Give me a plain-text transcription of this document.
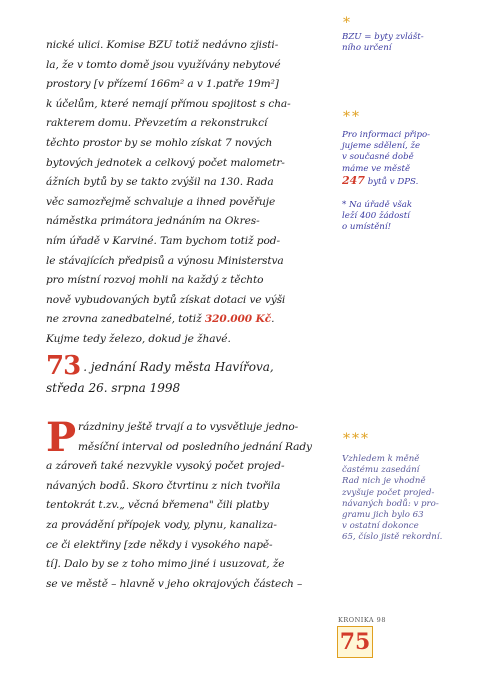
nické ulici. Komise BZU totiž nedávno zjisti-
la, že v tomto domě jsou využívány nebytové
prostory [v přízemí 166m² a v 1.patře 19m²]
k účelům, které nemají přímou spojitost s cha-
rakterem domu. Převzetím a rekonstrukcí
těchto prostor by se mohlo získat 7 nových
bytových jednotek a celkový počet malometr-
ážních bytů by se takto zvýšil na 130. Rada
věc samozřejmě schvaluje a ihned pověřuje
náměstka primátora jednáním na Okres-
ním úřadě v Karviné. Tam bychom totiž pod-
le stávajících předpisů a výnosu Ministerstva
pro místní rozvoj mohli na každý z těchto
nově vybudovaných bytů získat dotaci ve výši
ne zrovna zanedbatelné, totiž 320.000 Kč.
Kujme tedy železo, dokud je žhavé.
73 . jednání Rady města Havířova,
středa 26. srpna 1998
P rázdniny ještě trvají a to vysvětluje jedno-
měsíční interval od posledního jednání Rady
a zároveň také nezvykle vysoký počet projed-
návaných bodů. Skoro čtvrtinu z nich tvořila
tentokrát t.zv.„ věcná břemena" čili platby
za provádění přípojek vody, plynu, kanaliza-
ce či elektřiny [zde někdy i vysokého napě-
tí]. Dalo by se z toho mimo jiné i usuzovat, že
se ve městě – hlavně v jeho okrajových částech –
*
BZU = byty zvlášt-
ního určení
**
Pro informaci připo-
jujeme sdělení, že
v současné době
máme ve městě
247 bytů v DPS.
* Na úřadě však
leží 400 žádostí
o umístění!
***
Vzhledem k měně
častému zasedání
Rad nich je vhodně
zvyšuje počet projed-
návaných bodů: v pro-
gramu jich bylo 63
v ostatní dokonce
65, číslo jistě rekordní.
KRONIKA 98
75
